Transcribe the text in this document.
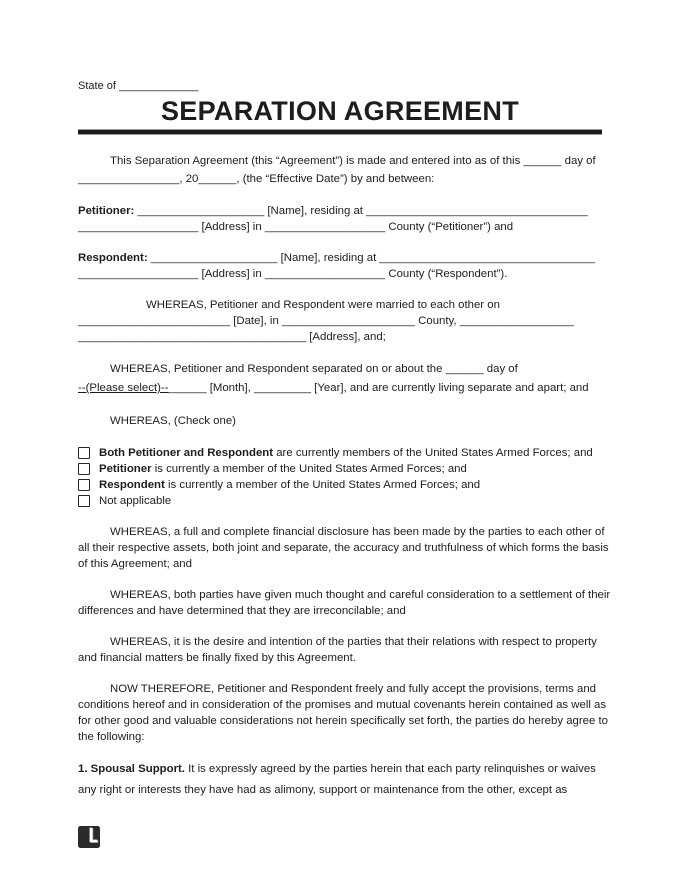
State of _____________
SEPARATION AGREEMENT
This Separation Agreement (this “Agreement”) is made and entered into as of this ______ day of
________________, 20______, (the “Effective Date”) by and between:
Petitioner: ____________________ [Name], residing at ___________________________________
___________________ [Address] in ___________________ County (“Petitioner”) and
Respondent: ____________________ [Name], residing at __________________________________
___________________ [Address] in ___________________ County (“Respondent”).
WHEREAS, Petitioner and Respondent were married to each other on
________________________ [Date], in _____________________ County, __________________
____________________________________ [Address], and;
WHEREAS, Petitioner and Respondent separated on or about the ______ day of
--(Please select)--______ [Month], _________ [Year], and are currently living separate and apart; and
WHEREAS, (Check one)
Both Petitioner and Respondent are currently members of the United States Armed Forces; and
Petitioner is currently a member of the United States Armed Forces; and
Respondent is currently a member of the United States Armed Forces; and
Not applicable
WHEREAS, a full and complete financial disclosure has been made by the parties to each other of
all their respective assets, both joint and separate, the accuracy and truthfulness of which forms the basis
of this Agreement; and
WHEREAS, both parties have given much thought and careful consideration to a settlement of their
differences and have determined that they are irreconcilable; and
WHEREAS, it is the desire and intention of the parties that their relations with respect to property
and financial matters be finally fixed by this Agreement.
NOW THEREFORE, Petitioner and Respondent freely and fully accept the provisions, terms and
conditions hereof and in consideration of the promises and mutual covenants herein contained as well as
for other good and valuable considerations not herein specifically set forth, the parties do hereby agree to
the following:
1. Spousal Support. It is expressly agreed by the parties herein that each party relinquishes or waives
any right or interests they have had as alimony, support or maintenance from the other, except as
